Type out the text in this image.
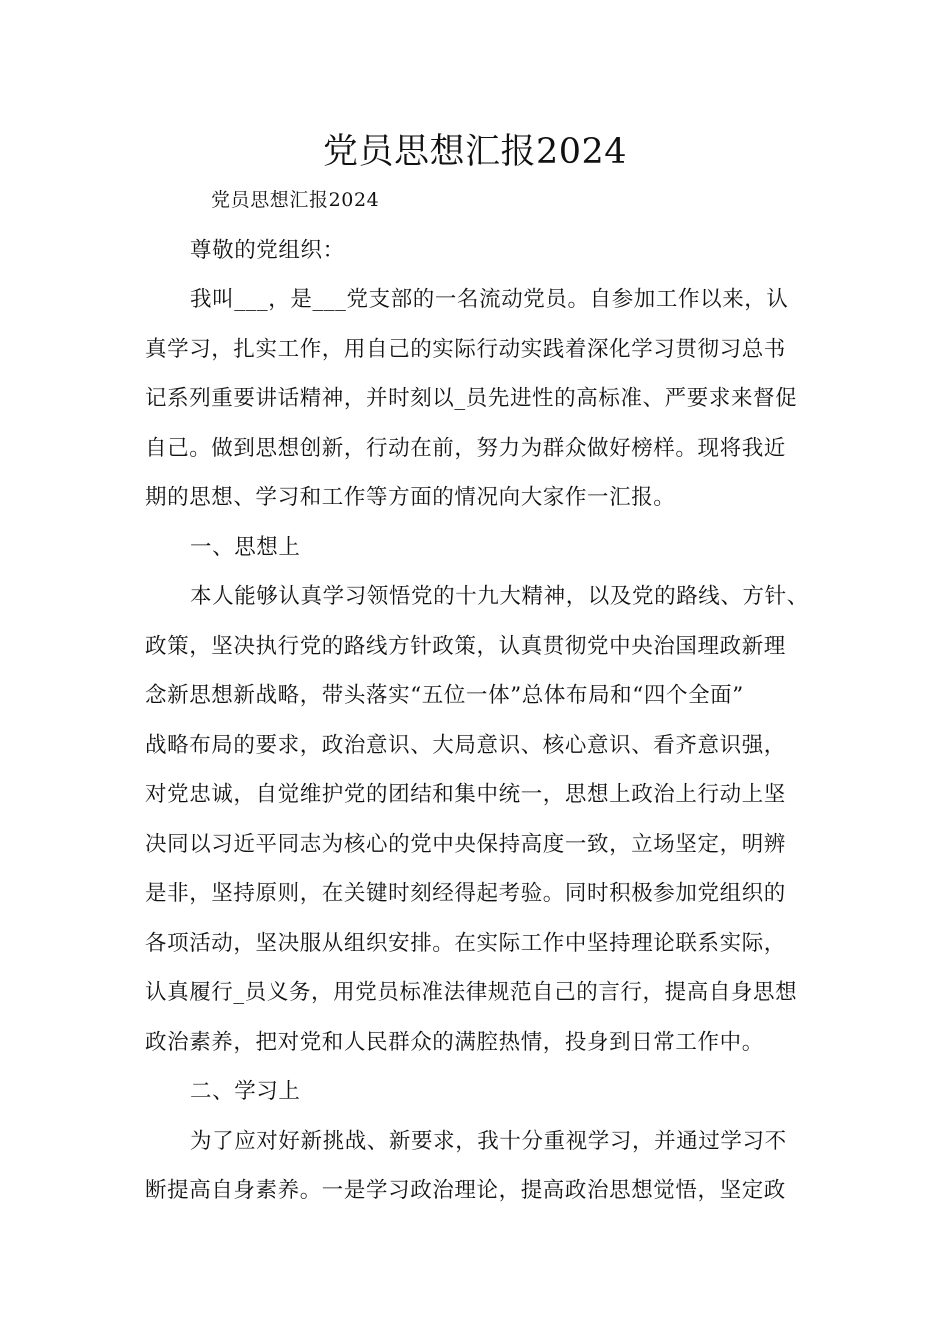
党员思想汇报2024
党员思想汇报2024
尊敬的党组织：
我叫___，是___党支部的一名流动党员。自参加工作以来，认
真学习，扎实工作，用自己的实际行动实践着深化学习贯彻习总书
记系列重要讲话精神，并时刻以_员先进性的高标准、严要求来督促
自己。做到思想创新，行动在前，努力为群众做好榜样。现将我近
期的思想、学习和工作等方面的情况向大家作一汇报。
一、思想上
本人能够认真学习领悟党的十九大精神，以及党的路线、方针、
政策，坚决执行党的路线方针政策，认真贯彻党中央治国理政新理
念新思想新战略，带头落实“五位一体”总体布局和“四个全面”
战略布局的要求，政治意识、大局意识、核心意识、看齐意识强，
对党忠诚，自觉维护党的团结和集中统一，思想上政治上行动上坚
决同以习近平同志为核心的党中央保持高度一致，立场坚定，明辨
是非，坚持原则，在关键时刻经得起考验。同时积极参加党组织的
各项活动，坚决服从组织安排。在实际工作中坚持理论联系实际，
认真履行_员义务，用党员标准法律规范自己的言行，提高自身思想
政治素养，把对党和人民群众的满腔热情，投身到日常工作中。
二、学习上
为了应对好新挑战、新要求，我十分重视学习，并通过学习不
断提高自身素养。一是学习政治理论，提高政治思想觉悟，坚定政
